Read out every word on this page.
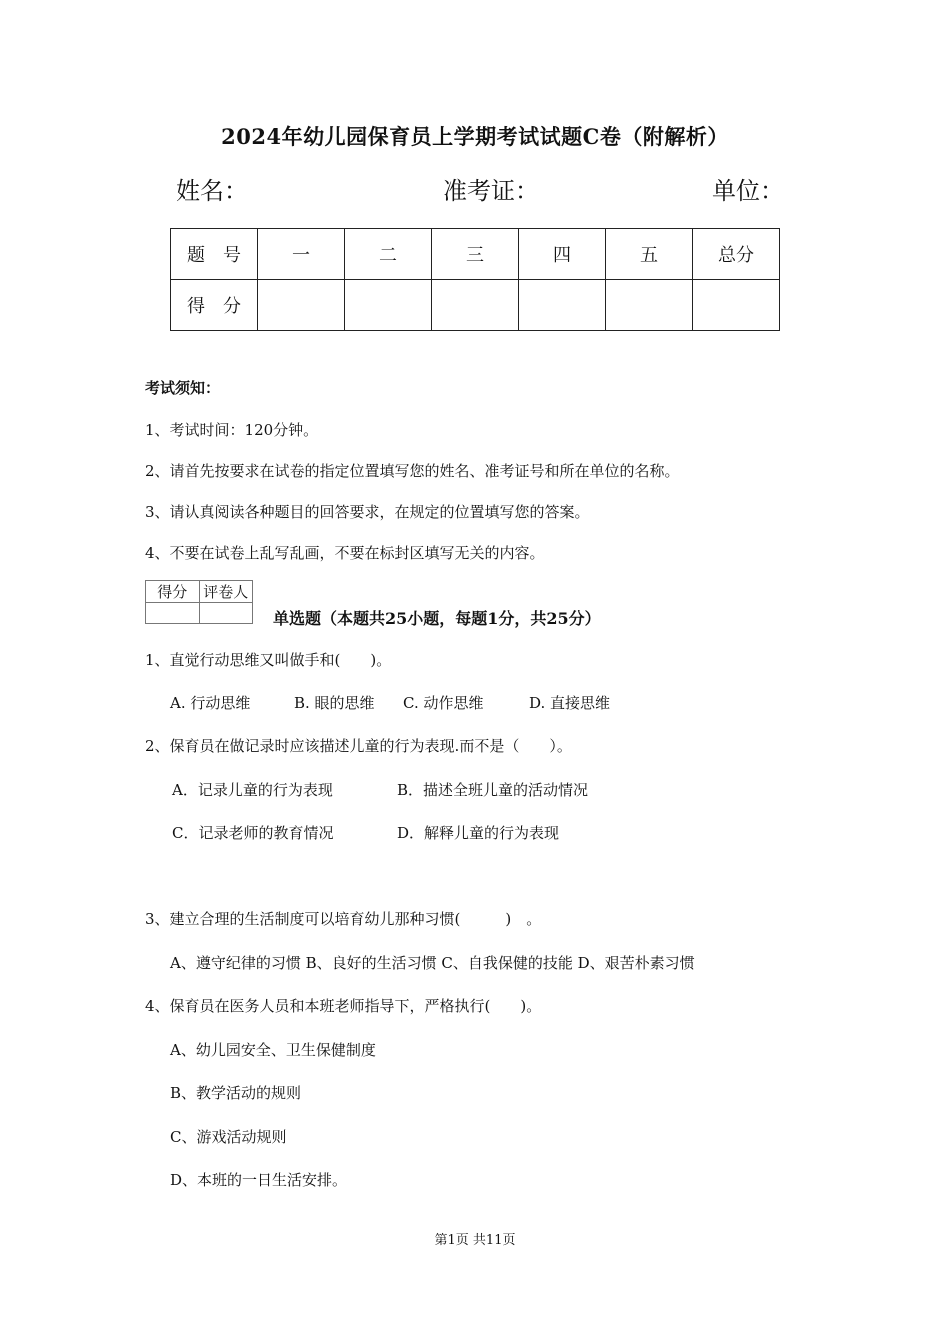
2024年幼儿园保育员上学期考试试题C卷（附解析）
姓名：	准考证：	单位：
题　号	一	二	三	四	五	总分
得　分						
考试须知：
1、考试时间：120分钟。
2、请首先按要求在试卷的指定位置填写您的姓名、准考证号和所在单位的名称。
3、请认真阅读各种题目的回答要求，在规定的位置填写您的答案。
4、不要在试卷上乱写乱画，不要在标封区填写无关的内容。
得分	评卷人

单选题（本题共25小题，每题1分，共25分）
1、直觉行动思维又叫做手和(　　)。
A. 行动思维	B. 眼的思维 C. 动作思维	D. 直接思维
2、保育员在做记录时应该描述儿童的行为表现.而不是（　　）。
A．记录儿童的行为表现	B．描述全班儿童的活动情况
C．记录老师的教育情况	D．解释儿童的行为表现
3、建立合理的生活制度可以培育幼儿那种习惯(　　　)　。
A、遵守纪律的习惯 B、良好的生活习惯 C、自我保健的技能 D、艰苦朴素习惯
4、保育员在医务人员和本班老师指导下，严格执行(　　)。
A、幼儿园安全、卫生保健制度
B、教学活动的规则
C、游戏活动规则
D、本班的一日生活安排。
第1页 共11页
